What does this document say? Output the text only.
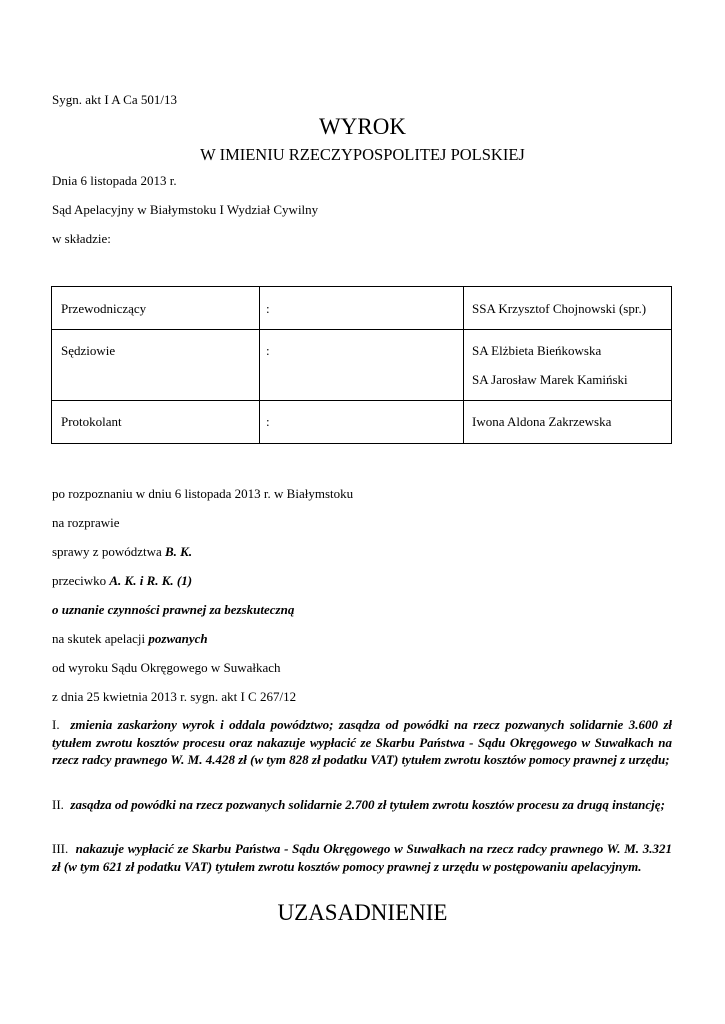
Sygn. akt I A Ca 501/13
WYROK
W IMIENIU RZECZYPOSPOLITEJ POLSKIEJ
Dnia 6 listopada 2013 r.
Sąd Apelacyjny w Białymstoku I Wydział Cywilny
w składzie:
Przewodniczący	:	SSA Krzysztof Chojnowski (spr.)
Sędziowie	:	SA Elżbieta Bieńkowska
SA Jarosław Marek Kamiński
Protokolant	:	Iwona Aldona Zakrzewska
po rozpoznaniu w dniu 6 listopada 2013 r. w Białymstoku
na rozprawie
sprawy z powództwa B. K.
przeciwko A. K. i R. K. (1)
o uznanie czynności prawnej za bezskuteczną
na skutek apelacji pozwanych
od wyroku Sądu Okręgowego w Suwałkach
z dnia 25 kwietnia 2013 r. sygn. akt I C 267/12
I. zmienia zaskarżony wyrok i oddala powództwo; zasądza od powódki na rzecz pozwanych solidarnie 3.600 zł tytułem zwrotu kosztów procesu oraz nakazuje wypłacić ze Skarbu Państwa - Sądu Okręgowego w Suwałkach na rzecz radcy prawnego W. M. 4.428 zł (w tym 828 zł podatku VAT) tytułem zwrotu kosztów pomocy prawnej z urzędu;
II. zasądza od powódki na rzecz pozwanych solidarnie 2.700 zł tytułem zwrotu kosztów procesu za drugą instancję;
III. nakazuje wypłacić ze Skarbu Państwa - Sądu Okręgowego w Suwałkach na rzecz radcy prawnego W. M. 3.321 zł (w tym 621 zł podatku VAT) tytułem zwrotu kosztów pomocy prawnej z urzędu w postępowaniu apelacyjnym.
UZASADNIENIE
